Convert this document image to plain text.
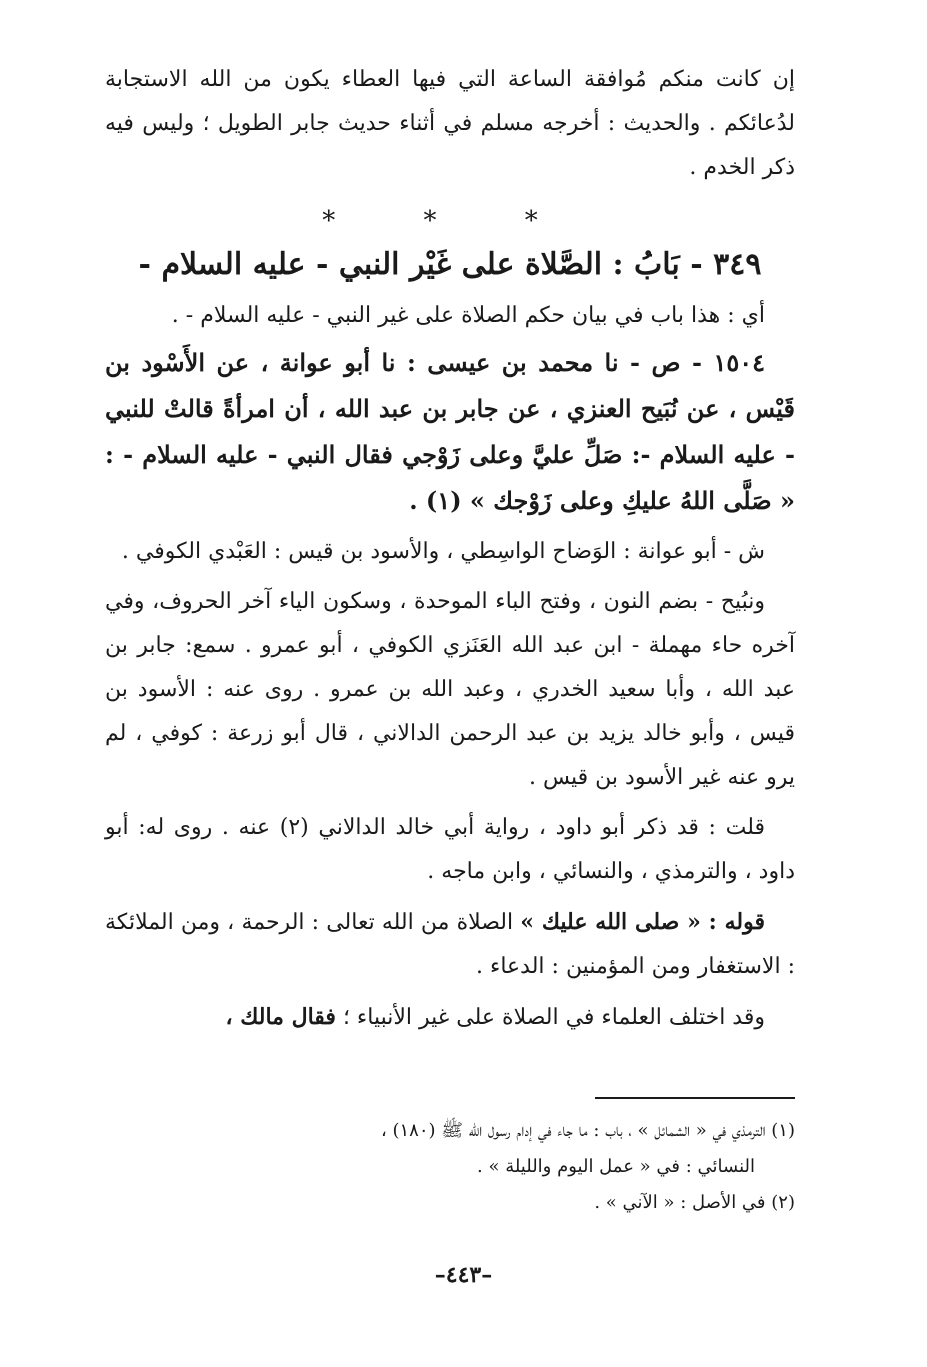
إن كانت منكم مُوافقة الساعة التي فيها العطاء يكون من الله الاستجابة لدُعائكم . والحديث : أخرجه مسلم في أثناء حديث جابر الطويل ؛ وليس فيه ذكر الخدم .

* * *
٣٤٩ - بَابُ : الصَّلاة على غَيْر النبي - عليه السلام -

أي : هذا باب في بيان حكم الصلاة على غير النبي - عليه السلام - .

١٥٠٤ - ص - نا محمد بن عيسى : نا أبو عوانة ، عن الأَسْود بن قَيْس ، عن نُبَيح العنزي ، عن جابر بن عبد الله ، أن امرأةً قالتْ للنبي - عليه السلام -: صَلِّ عليَّ وعلى زَوْجي فقال النبي - عليه السلام - : « صَلَّى اللهُ عليكِ وعلى زَوْجك » (١) .

ش - أبو عوانة : الوَضاح الواسِطي ، والأسود بن قيس : العَبْدي الكوفي .

ونبُيح - بضم النون ، وفتح الباء الموحدة ، وسكون الياء آخر الحروف، وفي آخره حاء مهملة - ابن عبد الله العَنَزي الكوفي ، أبو عمرو . سمع: جابر بن عبد الله ، وأبا سعيد الخدري ، وعبد الله بن عمرو . روى عنه : الأسود بن قيس ، وأبو خالد يزيد بن عبد الرحمن الدالاني ، قال أبو زرعة : كوفي ، لم يرو عنه غير الأسود بن قيس .

قلت : قد ذكر أبو داود ، رواية أبي خالد الدالاني (٢) عنه . روى له: أبو داود ، والترمذي ، والنسائي ، وابن ماجه .

قوله : « صلى الله عليك » الصلاة من الله تعالى : الرحمة ، ومن الملائكة : الاستغفار ومن المؤمنين : الدعاء .

وقد اختلف العلماء في الصلاة على غير الأنبياء ؛ فقال مالك ،

(١) الترمذي في « الشمائل » ، باب : ما جاء في إدام رسول الله ﷺ (١٨٠) ،

النسائي : في « عمل اليوم والليلة » .

(٢) في الأصل : « الآني » .

–٤٤٣–
